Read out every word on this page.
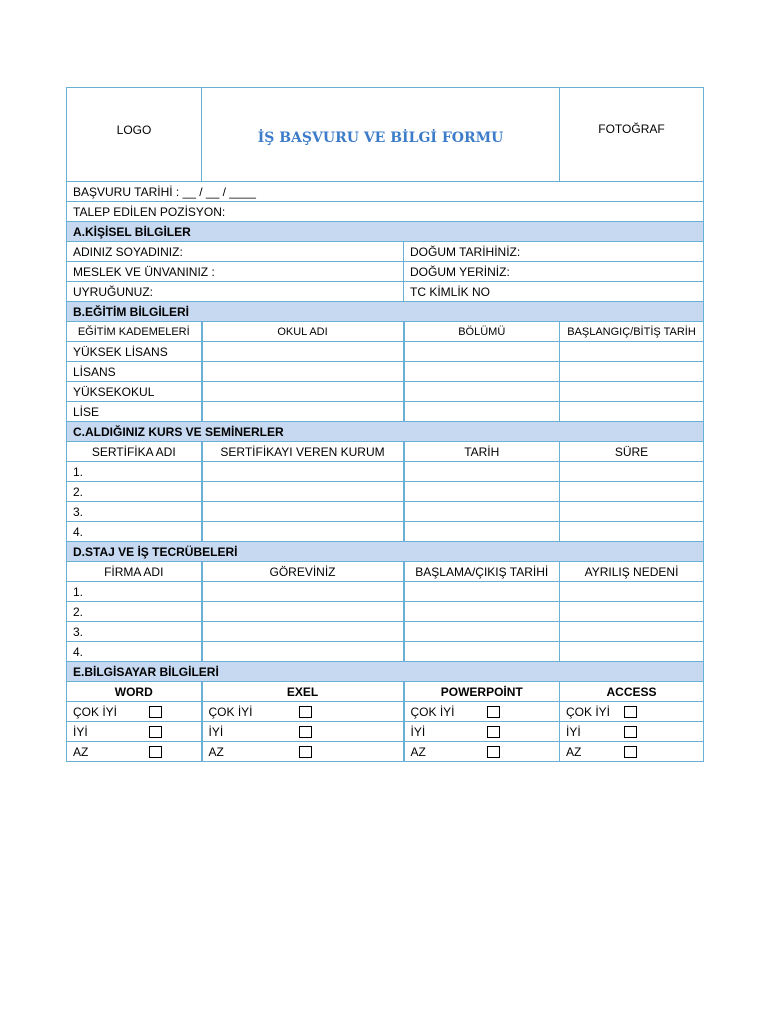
LOGO	İŞ BAŞVURU VE BİLGİ FORMU		FOTOĞRAF
BAŞVURU TARİHİ : __ / __ / ____			
TALEP EDİLEN POZİSYON:			
A.KİŞİSEL BİLGİLER			
ADINIZ SOYADINIZ:		DOĞUM TARİHİNİZ:	
MESLEK VE ÜNVANINIZ :		DOĞUM YERİNİZ:	
UYRUĞUNUZ:		TC KİMLİK NO	
B.EĞİTİM BİLGİLERİ			
EĞİTİM KADEMELERİ	OKUL ADI	BÖLÜMÜ	BAŞLANGIÇ/BİTİŞ TARİH
YÜKSEK LİSANS			
LİSANS			
YÜKSEKOKUL			
LİSE			
C.ALDIĞINIZ KURS VE SEMİNERLER			
SERTİFİKA ADI	SERTİFİKAYI VEREN KURUM	TARİH	SÜRE
1.			
2.			
3.			
4.			
D.STAJ VE İŞ TECRÜBELERİ			
FİRMA ADI	GÖREVİNİZ	BAŞLAMA/ÇIKIŞ TARİHİ	AYRILIŞ NEDENİ
1.			
2.			
3.			
4.			
E.BİLGİSAYAR BİLGİLERİ			
WORD	EXEL	POWERPOİNT	ACCESS

ÇOK İYİ	ÇOK İYİ	ÇOK İYİ	ÇOK İYİ

İYİ	İYİ	İYİ	İYİ

AZ	AZ	AZ	AZ
